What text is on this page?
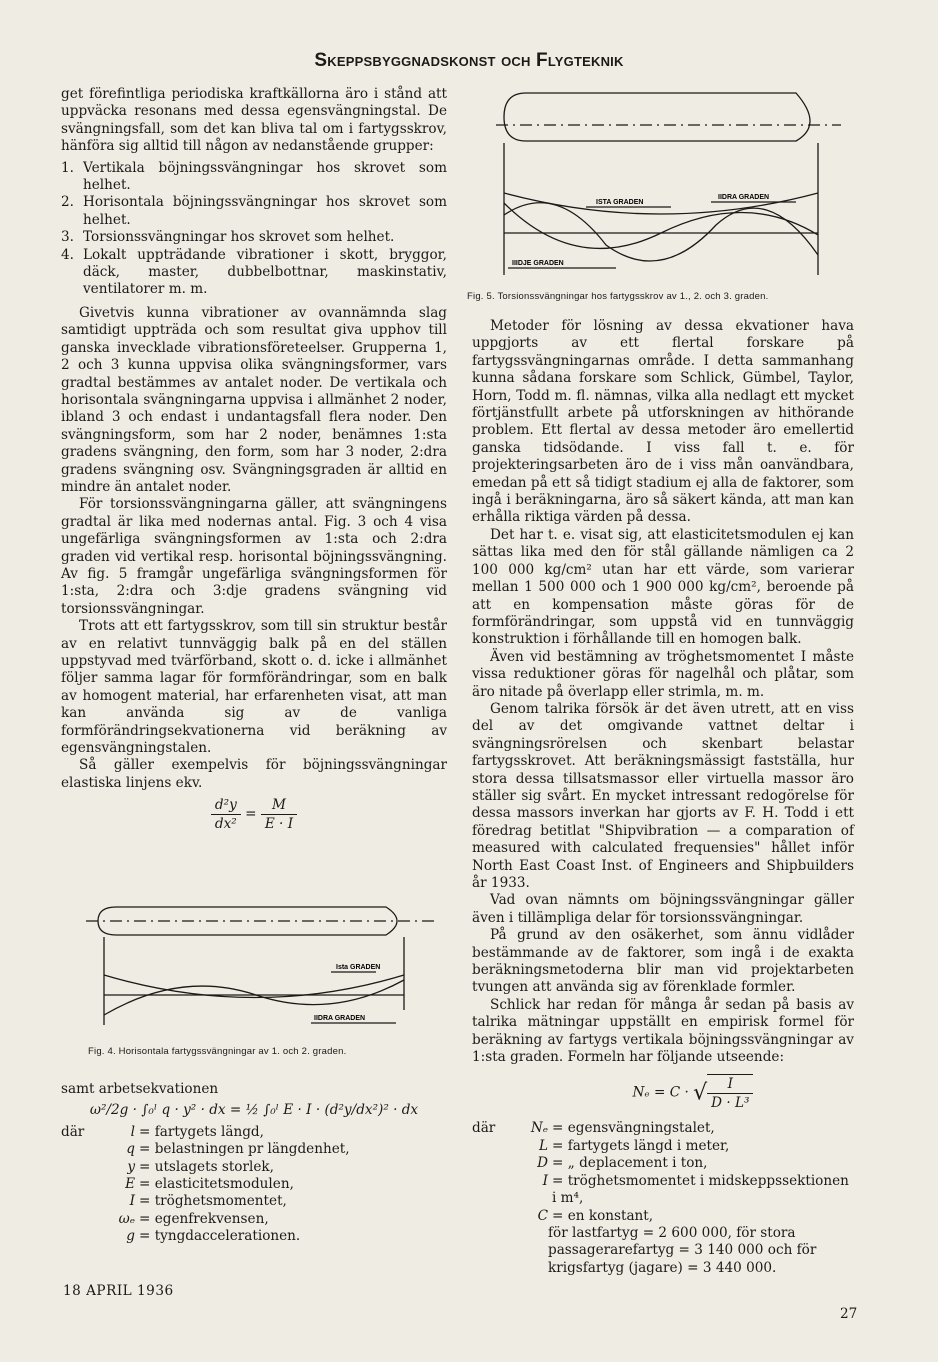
Skeppsbyggnadskonst och Flygteknik

get förefintliga periodiska kraftkällorna äro i stånd att uppväcka resonans med dessa egensvängningstal. De svängningsfall, som det kan bliva tal om i fartygsskrov, hänföra sig alltid till någon av nedanstående grupper:

1. Vertikala böjningssvängningar hos skrovet som helhet.
2. Horisontala böjningssvängningar hos skrovet som helhet.
3. Torsionssvängningar hos skrovet som helhet.
4. Lokalt uppträdande vibrationer i skott, bryggor, däck, master, dubbelbottnar, maskinstativ, ventilatorer m. m.

Givetvis kunna vibrationer av ovannämnda slag samtidigt uppträda och som resultat giva upphov till ganska invecklade vibrationsföreteelser. Grupperna 1, 2 och 3 kunna uppvisa olika svängningsformer, vars gradtal bestämmes av antalet noder. De vertikala och horisontala svängningarna uppvisa i allmänhet 2 noder, ibland 3 och endast i undantagsfall flera noder. Den svängningsform, som har 2 noder, benämnes 1:sta gradens svängning, den form, som har 3 noder, 2:dra gradens svängning osv. Svängningsgraden är alltid en mindre än antalet noder.

För torsionssvängningarna gäller, att svängningens gradtal är lika med nodernas antal. Fig. 3 och 4 visa ungefärliga svängningsformen av 1:sta och 2:dra graden vid vertikal resp. horisontal böjningssvängning. Av fig. 5 framgår ungefärliga svängningsformen för 1:sta, 2:dra och 3:dje gradens svängning vid torsionssvängningar.

Trots att ett fartygsskrov, som till sin struktur består av en relativt tunnväggig balk på en del ställen uppstyvad med tvärförband, skott o. d. icke i allmänhet följer samma lagar för formförändringar, som en balk av homogent material, har erfarenheten visat, att man kan använda sig av de vanliga formförändringsekvationerna vid beräkning av egensvängningstalen.

Så gäller exempelvis för böjningssvängningar elastiska linjens ekv.

$\frac{\text{d²y}}{\text{dx²}} = \frac{M}{E \cdot I}$
Ista GRADEN
IIDRA GRADEN
Fig. 4. Horisontala fartygssvängningar av 1. och 2. graden.
samt arbetsekvationen
ω²/2g · ∫₀ˡ q · y² · dx = ½ ∫₀ˡ E · I · (d²y/dx²)² · dx
där	l = fartygets längd,
q = belastningen pr längdenhet,
y = utslagets storlek,
E = elasticitetsmodulen,
I = tröghetsmomentet,
ωₑ = egenfrekvensen,
g = tyngdaccelerationen.
ISTA GRADEN
IIDRA GRADEN
IIIDJE GRADEN
Fig. 5. Torsionssvängningar hos fartygsskrov av 1., 2. och 3. graden.

Metoder för lösning av dessa ekvationer hava uppgjorts av ett flertal forskare på fartygssvängningarnas område. I detta sammanhang kunna sådana forskare som Schlick, Gümbel, Taylor, Horn, Todd m. fl. nämnas, vilka alla nedlagt ett mycket förtjänstfullt arbete på utforskningen av hithörande problem. Ett flertal av dessa metoder äro emellertid ganska tidsödande. I viss fall t. e. för projekteringsarbeten äro de i viss mån oanvändbara, emedan på ett så tidigt stadium ej alla de faktorer, som ingå i beräkningarna, äro så säkert kända, att man kan erhålla riktiga värden på dessa.

Det har t. e. visat sig, att elasticitetsmodulen ej kan sättas lika med den för stål gällande nämligen ca 2 100 000 kg/cm² utan har ett värde, som varierar mellan 1 500 000 och 1 900 000 kg/cm², beroende på att en kompensation måste göras för de formförändringar, som uppstå vid en tunnväggig konstruktion i förhållande till en homogen balk.

Även vid bestämning av tröghetsmomentet I måste vissa reduktioner göras för nagelhål och plåtar, som äro nitade på överlapp eller strimla, m. m.

Genom talrika försök är det även utrett, att en viss del av det omgivande vattnet deltar i svängningsrörelsen och skenbart belastar fartygsskrovet. Att beräkningsmässigt fastställa, hur stora dessa tillsatsmassor eller virtuella massor äro ställer sig svårt. En mycket intressant redogörelse för dessa massors inverkan har gjorts av F. H. Todd i ett föredrag betitlat "Shipvibration — a comparation of measured with calculated frequensies" hållet inför North East Coast Inst. of Engineers and Shipbuilders år 1933.

Vad ovan nämnts om böjningssvängningar gäller även i tillämpliga delar för torsionssvängningar.

På grund av den osäkerhet, som ännu vidlåder bestämmande av de faktorer, som ingå i de exakta beräkningsmetoderna blir man vid projektarbeten tvungen att använda sig av förenklade formler.

Schlick har redan för många år sedan på basis av talrika mätningar uppställt en empirisk formel för beräkning av fartygs vertikala böjningssvängningar av 1:sta graden. Formeln har följande utseende:

Nₑ = C · √ $\frac{I}{\text{D · L³}}$
där	Nₑ = egensvängningstalet,
L = fartygets längd i meter,
D = „ deplacement i ton,
I = tröghetsmomentet i midskeppssektionen i m⁴,
C = en konstant,
för lastfartyg = 2 600 000, för stora passagerarefartyg = 3 140 000 och för krigsfartyg (jagare) = 3 440 000.
18 APRIL 1936
27
